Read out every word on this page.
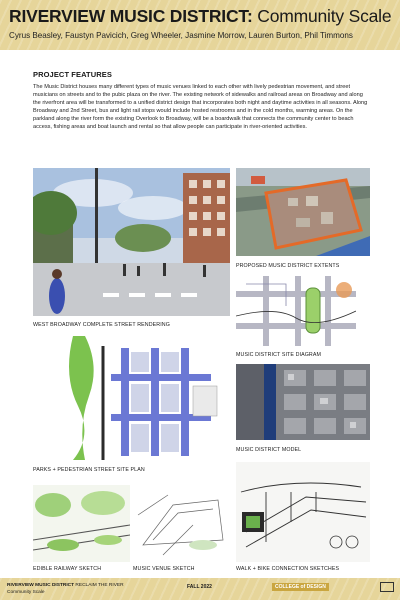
RIVERVIEW MUSIC DISTRICT: Community Scale
Cyrus Beasley, Faustyn Pavicich, Greg Wheeler, Jasmine Morrow, Lauren Burton, Phil Timmons
PROJECT FEATURES
The Music District houses many different types of music venues linked to each other with lively pedestrian movement, and street musicians on streets and to the pubic plaza on the river. The existing network of sidewalks and railroad areas on Broadway and along the riverfront area will be transformed to a unified district design that incorporates both night and daytime activities in all seasons. Along Broadway and 2nd Street, bus and light rail stops would include hosted restrooms and in the cold months, warming areas. On the parkland along the river form the existing Overlook to Broadway, will be a boardwalk that connects the community center to beach access, fishing areas and boat launch and rental so that allow people can participate in river-oriented activities.
WEST BROADWAY COMPLETE STREET RENDERING
PROPOSED MUSIC DISTRICT EXTENTS
MUSIC DISTRICT SITE DIAGRAM
PARKS + PEDESTRIAN STREET SITE PLAN
MUSIC DISTRICT MODEL
EDIBLE RAILWAY SKETCH	MUSIC VENUE SKETCH	WALK + BIKE CONNECTION SKETCHES
RIVERVIEW MUSIC DISTRICT RECLAIM THE RIVER
Community Scale
FALL 2022	COLLEGE of DESIGN
